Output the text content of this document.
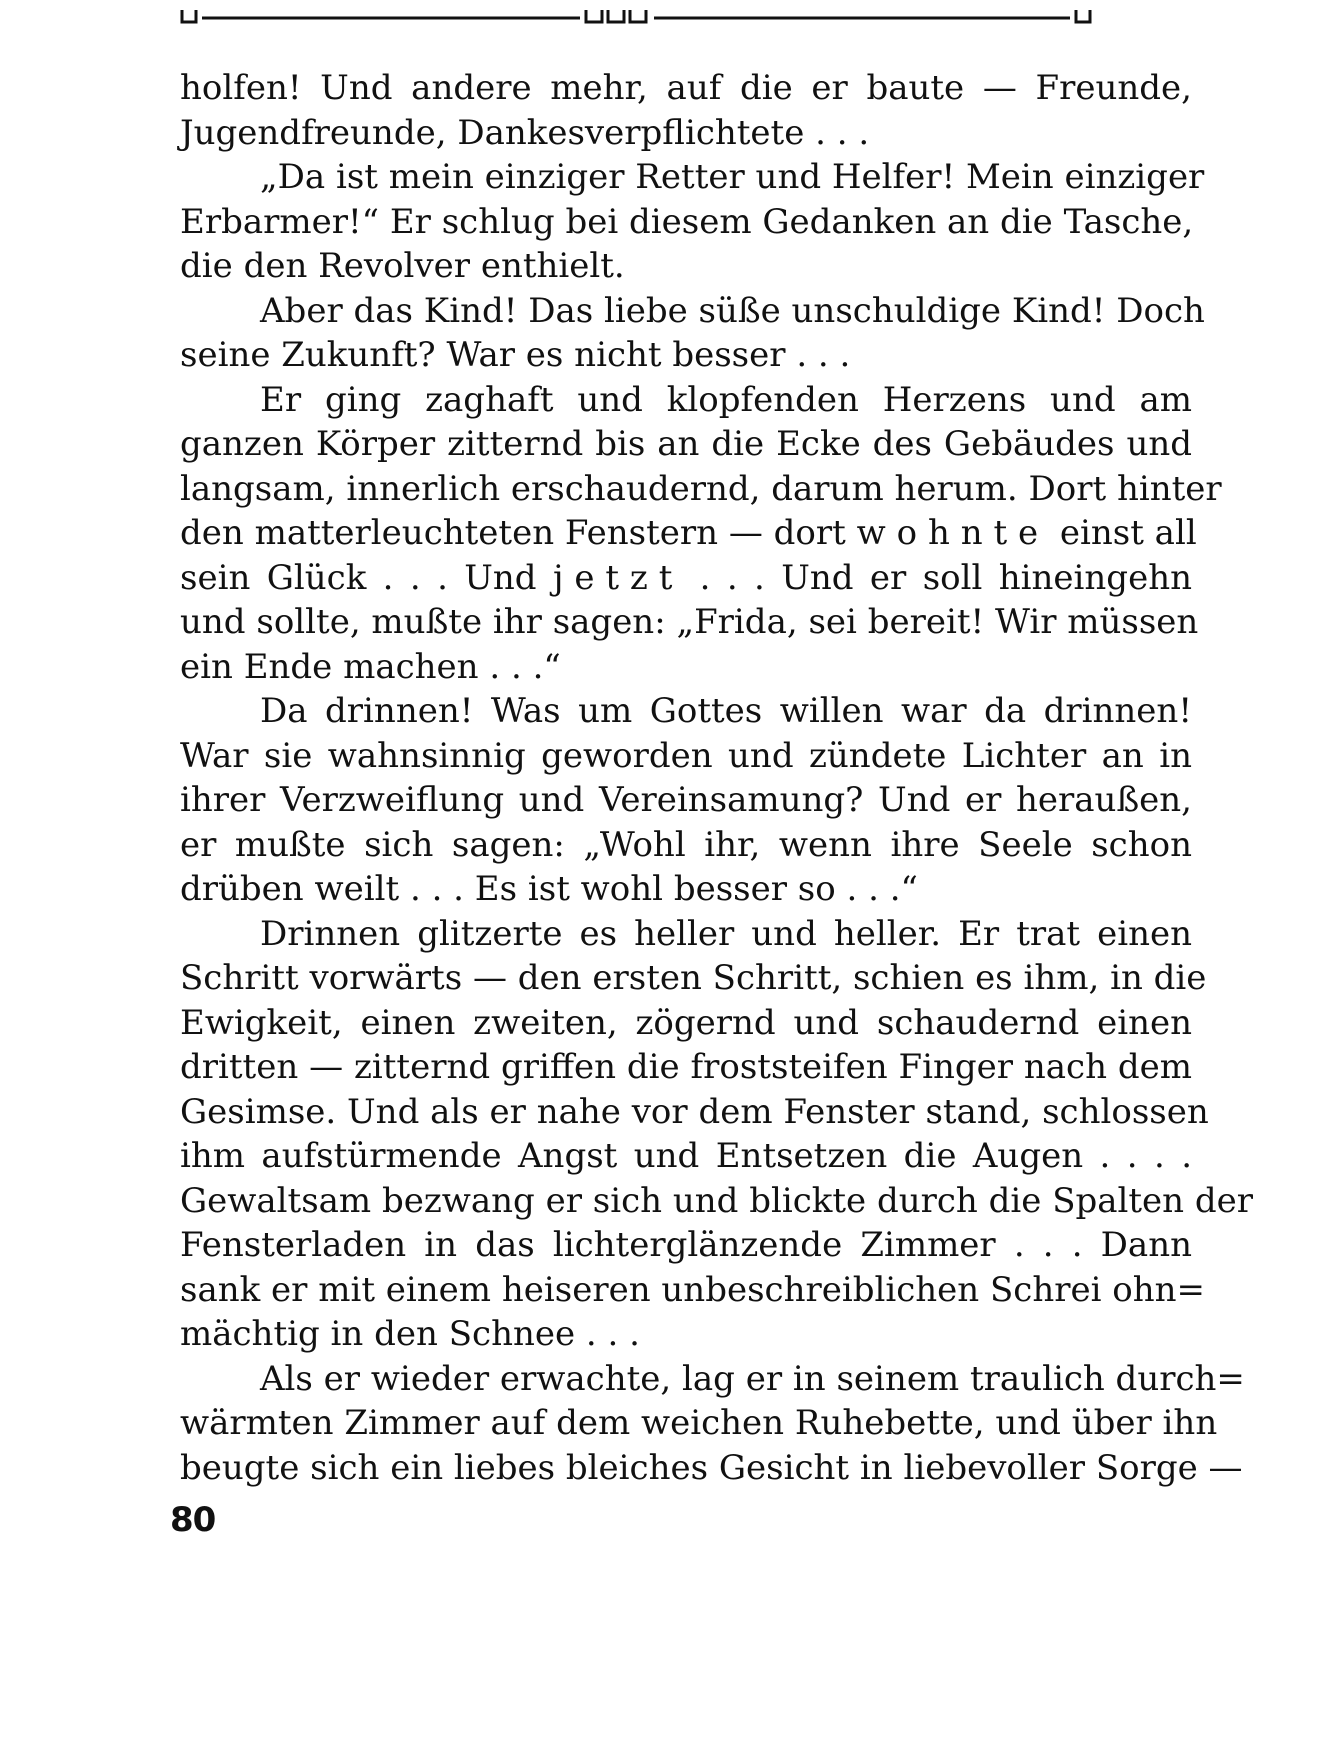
holfen! Und andere mehr, auf die er baute — Freunde,
Jugendfreunde, Dankesverpflichtete . . .
„Da ist mein einziger Retter und Helfer! Mein einziger
Erbarmer!“ Er schlug bei diesem Gedanken an die Tasche,
die den Revolver enthielt.
Aber das Kind! Das liebe süße unschuldige Kind! Doch
seine Zukunft? War es nicht besser . . .
Er ging zaghaft und klopfenden Herzens und am
ganzen Körper zitternd bis an die Ecke des Gebäudes und
langsam, innerlich erschaudernd, darum herum. Dort hinter
den matterleuchteten Fenstern — dort wohnte einst all
sein Glück . . . Und jetzt . . . Und er soll hineingehn
und sollte, mußte ihr sagen: „Frida, sei bereit! Wir müssen
ein Ende machen . . .“
Da drinnen! Was um Gottes willen war da drinnen!
War sie wahnsinnig geworden und zündete Lichter an in
ihrer Verzweiflung und Vereinsamung? Und er heraußen,
er mußte sich sagen: „Wohl ihr, wenn ihre Seele schon
drüben weilt . . . Es ist wohl besser so . . .“
Drinnen glitzerte es heller und heller. Er trat einen
Schritt vorwärts — den ersten Schritt, schien es ihm, in die
Ewigkeit, einen zweiten, zögernd und schaudernd einen
dritten — zitternd griffen die froststeifen Finger nach dem
Gesimse. Und als er nahe vor dem Fenster stand, schlossen
ihm aufstürmende Angst und Entsetzen die Augen . . . .
Gewaltsam bezwang er sich und blickte durch die Spalten der
Fensterladen in das lichterglänzende Zimmer . . . Dann
sank er mit einem heiseren unbeschreiblichen Schrei ohn=
mächtig in den Schnee . . .
Als er wieder erwachte, lag er in seinem traulich durch=
wärmten Zimmer auf dem weichen Ruhebette, und über ihn
beugte sich ein liebes bleiches Gesicht in liebevoller Sorge —
80
